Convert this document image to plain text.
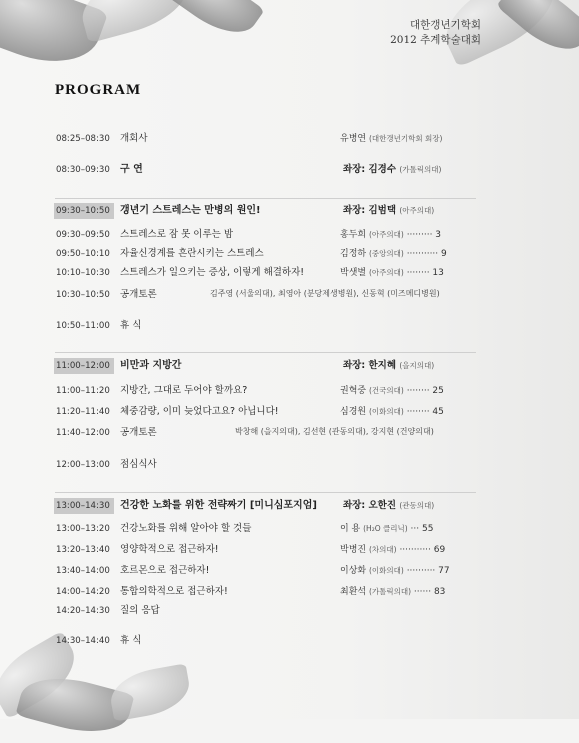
대한갱년기학회
2012 추계학술대회
PROGRAM
08:25–08:30	개회사	유병연 (대한갱년기학회 회장)
08:30–09:30	구 연	좌장: 김경수 (가톨릭의대)
09:30–10:50	갱년기 스트레스는 만병의 원인!	좌장: 김범택 (아주의대)
09:30–09:50	스트레스로 잠 못 이루는 밤	홍두희 (아주의대) ········· 3
09:50–10:10	자율신경계를 흔란시키는 스트레스	김정하 (중앙의대) ··········· 9
10:10–10:30	스트레스가 일으키는 증상, 이렇게 해결하자!	박샛별 (아주의대) ········ 13
10:30–10:50	공개토론	김주영 (서울의대), 최영아 (분당제생병원), 신동혁 (미즈메디병원)
10:50–11:00	휴 식
11:00–12:00	비만과 지방간	좌장: 한지혜 (을지의대)
11:00–11:20	지방간, 그대로 두어야 할까요?	권혁중 (건국의대) ········ 25
11:20–11:40	체중감량, 이미 늦었다고요? 아닙니다!	심경원 (이화의대) ········ 45
11:40–12:00	공개토론	박창해 (을지의대), 김선현 (관동의대), 강지현 (건양의대)
12:00–13:00	점심식사
13:00–14:30	건강한 노화를 위한 전략짜기 [미니심포지엄]	좌장: 오한진 (관동의대)
13:00–13:20	건강노화를 위해 알아야 할 것들	이 용 (H₂O 클리닉) ··· 55
13:20–13:40	영양학적으로 접근하자!	박병진 (차의대) ··········· 69
13:40–14:00	호르몬으로 접근하자!	이상화 (이화의대) ·········· 77
14:00–14:20	통합의학적으로 접근하자!	최환석 (가톨릭의대) ······ 83
14:20–14:30	질의 응답
14:30–14:40	휴 식
